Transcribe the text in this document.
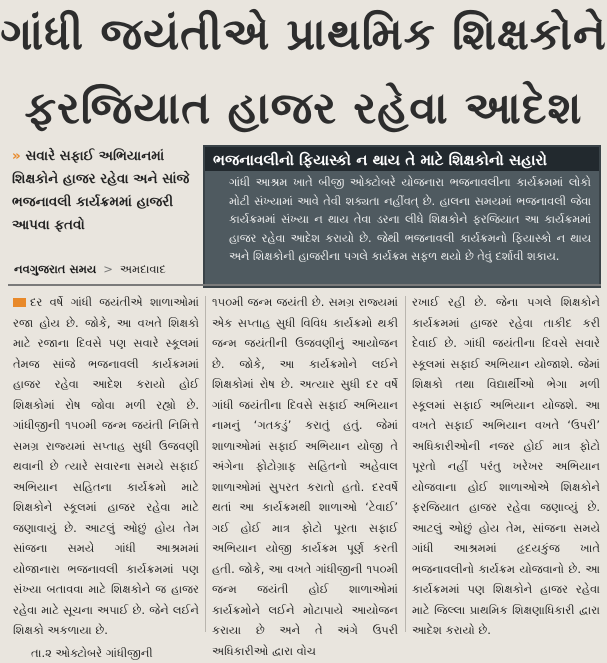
ગાંધી જયંતીએ પ્રાથમિક શિક્ષકોને
ફરજિયાત હાજર રહેવા આદેશ
» સવારે સફાઈ અભિયાનમાં શિક્ષકોને હાજર રહેવા અને સાંજે ભજનાવલી કાર્યક્રમમાં હાજરી આપવા ફતવો
ભજનાવલીનો ફિયાસ્કો ન થાય તે માટે શિક્ષકોનો સહારો
ગાંધી આશ્રમ ખાતે બીજી ઓક્ટોબરે યોજનારા ભજનાવલીના કાર્યક્રમમાં લોકો મોટી સંખ્યામાં આવે તેવી શક્યતા નહીંવત્ છે. હાલના સમયમાં ભજનાવલી જેવા કાર્યક્રમમાં સંખ્યા ન થાય તેવા ડરના લીધે શિક્ષકોને ફરજિયાત આ કાર્યક્રમમાં હાજર રહેવા આદેશ કરાયો છે. જેથી ભજનાવલી કાર્યક્રમનો ફિયાસ્કો ન થાય અને શિક્ષકોની હાજરીના પગલે કાર્યક્રમ સફળ થયો છે તેવું દર્શાવી શકાય.
નવગુજરાત સમય > અમદાવાદ
દર વર્ષે ગાંધી જયંતીએ શાળાઓમાં રજા હોય છે. જોકે, આ વખતે શિક્ષકો માટે રજાના દિવસે પણ સવારે સ્કૂલમાં તેમજ સાંજે ભજનાવલી કાર્યક્રમમાં હાજર રહેવા આદેશ કરાયો હોઈ શિક્ષકોમાં રોષ જોવા મળી રહ્યો છે. ગાંધીજીની ૧૫૦મી જન્મ જયંતી નિમિત્તે સમગ્ર રાજ્યમાં સપ્તાહ સુધી ઉજવણી થવાની છે ત્યારે સવારના સમયે સફાઈ અભિયાન સહિતના કાર્યક્રમો માટે શિક્ષકોને સ્કૂલમાં હાજર રહેવા માટે જણાવાયું છે. આટલું ઓછું હોય તેમ સાંજના સમયે ગાંધી આશ્રમમાં યોજાનારા ભજનાવલી કાર્યક્રમમાં પણ સંખ્યા બતાવવા માટે શિક્ષકોને જ હાજર રહેવા માટે સૂચના અપાઈ છે. જેને લઈને શિક્ષકો અકળાયા છે.
તા.૨ ઓક્ટોબરે ગાંધીજીની
૧૫૦મી જન્મ જયંતી છે. સમગ્ર રાજ્યમાં એક સપ્તાહ સુધી વિવિધ કાર્યક્રમો થકી જન્મ જયંતીની ઉજવણીનું આયોજન છે. જોકે, આ કાર્યક્રમોને લઈને શિક્ષકોમાં રોષ છે. અત્યાર સુધી દર વર્ષે ગાંધી જયંતીના દિવસે સફાઈ અભિયાન નામનું ‘ગતકડું’ કરાતું હતું. જેમાં શાળાઓમાં સફાઈ અભિયાન યોજી તે અંગેના ફોટોગ્રાફ સહિતનો અહેવાલ શાળાઓમાં સુપરત કરાતો હતો. દરવર્ષે થતાં આ કાર્યક્રમથી શાળાઓ ‘ટેવાઈ’ ગઈ હોઈ માત્ર ફોટો પૂરતા સફાઈ અભિયાન યોજી કાર્યક્રમ પૂર્ણ કરતી હતી. જોકે, આ વખતે ગાંધીજીની ૧૫૦મી જન્મ જયંતી હોઈ શાળાઓમાં કાર્યક્રમોને લઈને મોટાપાયે આયોજન કરાયા છે અને તે અંગે ઉપરી અધિકારીઓ દ્વારા વોચ
રખાઈ રહી છે. જેના પગલે શિક્ષકોને કાર્યક્રમમાં હાજર રહેવા તાકીદ કરી દેવાઈ છે. ગાંધી જયંતીના દિવસે સવારે સ્કૂલમાં સફાઈ અભિયાન યોજાશે. જેમાં શિક્ષકો તથા વિદ્યાર્થીઓ ભેગા મળી સ્કૂલમાં સફાઈ અભિયાન યોજશે. આ વખતે સફાઈ અભિયાન વખતે ‘ઉપરી’ અધિકારીઓની નજર હોઈ માત્ર ફોટો પૂરતો નહીં પરંતુ ખરેખર અભિયાન યોજવાના હોઈ શાળાઓએ શિક્ષકોને ફરજિયાત હાજર રહેવા જણાવ્યું છે. આટલું ઓછું હોય તેમ, સાંજના સમયે ગાંધી આશ્રમમાં હૃદયકુંજ ખાતે ભજનાવલીનો કાર્યક્રમ યોજવાનો છે. આ કાર્યક્રમમાં પણ શિક્ષકોને હાજર રહેવા માટે જિલ્લા પ્રાથમિક શિક્ષણાધિકારી દ્વારા આદેશ કરાયો છે.
